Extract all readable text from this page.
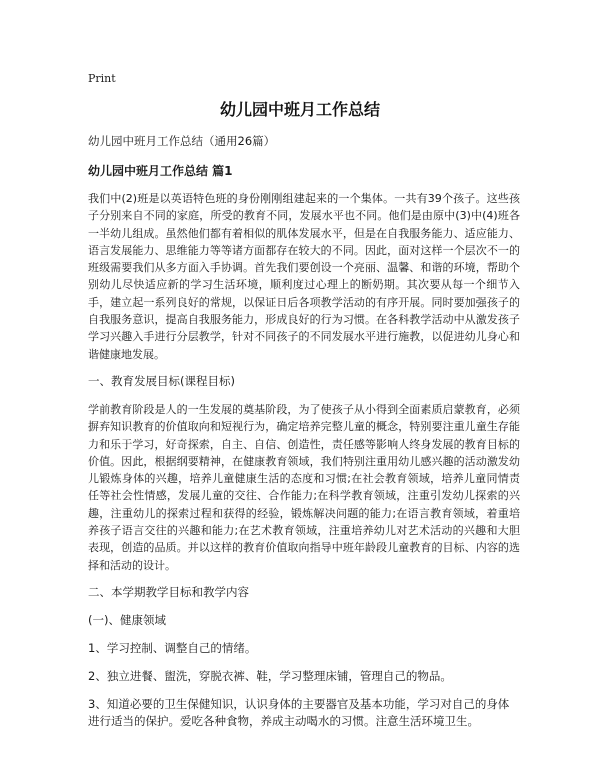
Print
幼儿园中班月工作总结

幼儿园中班月工作总结（通用26篇）

幼儿园中班月工作总结 篇1

我们中(2)班是以英语特色班的身份刚刚组建起来的一个集体。一共有39个孩子。这些孩子分别来自不同的家庭，所受的教育不同，发展水平也不同。他们是由原中(3)中(4)班各一半幼儿组成。虽然他们都有着相似的肌体发展水平，但是在自我服务能力、适应能力、语言发展能力、思维能力等等诸方面都存在较大的不同。因此，面对这样一个层次不一的班级需要我们从多方面入手协调。首先我们要创设一个亮丽、温馨、和谐的环境，帮助个别幼儿尽快适应新的学习生活环境，顺利度过心理上的断奶期。其次要从每一个细节入手，建立起一系列良好的常规，以保证日后各项教学活动的有序开展。同时要加强孩子的自我服务意识，提高自我服务能力，形成良好的行为习惯。在各科教学活动中从激发孩子学习兴趣入手进行分层教学，针对不同孩子的不同发展水平进行施教，以促进幼儿身心和谐健康地发展。

一、教育发展目标(课程目标)

学前教育阶段是人的一生发展的奠基阶段，为了使孩子从小得到全面素质启蒙教育，必须摒弃知识教育的价值取向和短视行为，确定培养完整儿童的概念，特别要注重儿童生存能力和乐于学习，好奇探索，自主、自信、创造性，责任感等影响人终身发展的教育目标的价值。因此，根据纲要精神，在健康教育领域，我们特别注重用幼儿感兴趣的活动激发幼儿锻炼身体的兴趣，培养儿童健康生活的态度和习惯;在社会教育领域，培养儿童同情责任等社会性情感，发展儿童的交往、合作能力;在科学教育领域，注重引发幼儿探索的兴趣，注重幼儿的探索过程和获得的经验，锻炼解决问题的能力;在语言教育领域，着重培养孩子语言交往的兴趣和能力;在艺术教育领域，注重培养幼儿对艺术活动的兴趣和大胆表现，创造的品质。并以这样的教育价值取向指导中班年龄段儿童教育的目标、内容的选择和活动的设计。

二、本学期教学目标和教学内容

(一)、健康领域

1、学习控制、调整自己的情绪。

2、独立进餐、盥洗，穿脱衣裤、鞋，学习整理床铺，管理自己的物品。

3、知道必要的卫生保健知识，认识身体的主要器官及基本功能，学习对自己的身体进行适当的保护。爱吃各种食物，养成主动喝水的习惯。注意生活环境卫生。
